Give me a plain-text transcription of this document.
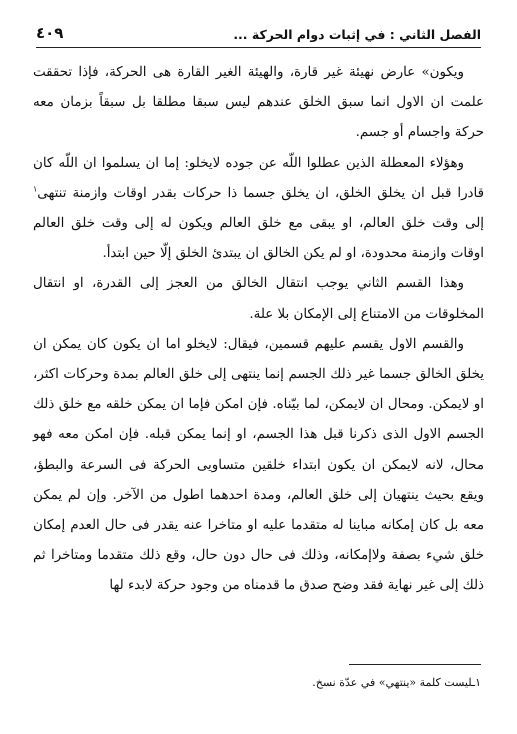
الفصل الثاني : في إثبات دوام الحركة ...
٤٠٩

ويكون» عارض نهيئة غير قارة، والهيئة الغير القارة هى الحركة، فإذا تحققت علمت ان الاول انما سبق الخلق عندهم ليس سبقا مطلقا بل سبقاً بزمان معه حركة واجسام أو جسم.

وهؤلاء المعطلة الذين عطلوا اللّه عن جوده لايخلو: إما ان يسلموا ان اللّه كان قادرا قبل ان يخلق الخلق، ان يخلق جسما ذا حركات بقدر اوقات وازمنة تنتهى$^١$ إلى وقت خلق العالم، او يبقى مع خلق العالم ويكون له إلى وقت خلق العالم اوقات وازمنة محدودة، او لم يكن الخالق ان يبتدئ الخلق إلّا حين ابتدأ.

وهذا القسم الثاني يوجب انتقال الخالق من العجز إلى القدرة، او انتقال المخلوقات من الامتناع إلى الإمكان بلا علة.

والقسم الاول يقسم عليهم قسمين، فيقال: لايخلو اما ان يكون كان يمكن ان يخلق الخالق جسما غير ذلك الجسم إنما ينتهى إلى خلق العالم بمدة وحركات اكثر، او لايمكن. ومحال ان لايمكن، لما بيّناه. فإن امكن فإما ان يمكن خلقه مع خلق ذلك الجسم الاول الذى ذكرنا قبل هذا الجسم، او إنما يمكن قبله. فإن امكن معه فهو محال، لانه لايمكن ان يكون ابتداء خلقين متساويى الحركة فى السرعة والبطؤ، ويقع بحيث ينتهيان إلى خلق العالم، ومدة احدهما اطول من الآخر. وإن لم يمكن معه بل كان إمكانه مباينا له متقدما عليه او متاخرا عنه يقدر فى حال العدم إمكان خلق شيء بصفة ولاإمكانه، وذلك فى حال دون حال، وقع ذلك متقدما ومتاخرا ثم ذلك إلى غير نهاية فقد وضح صدق ما قدمناه من وجود حركة لابدء لها

١ـليست كلمة «ينتهي» في عدّة نسخ.
